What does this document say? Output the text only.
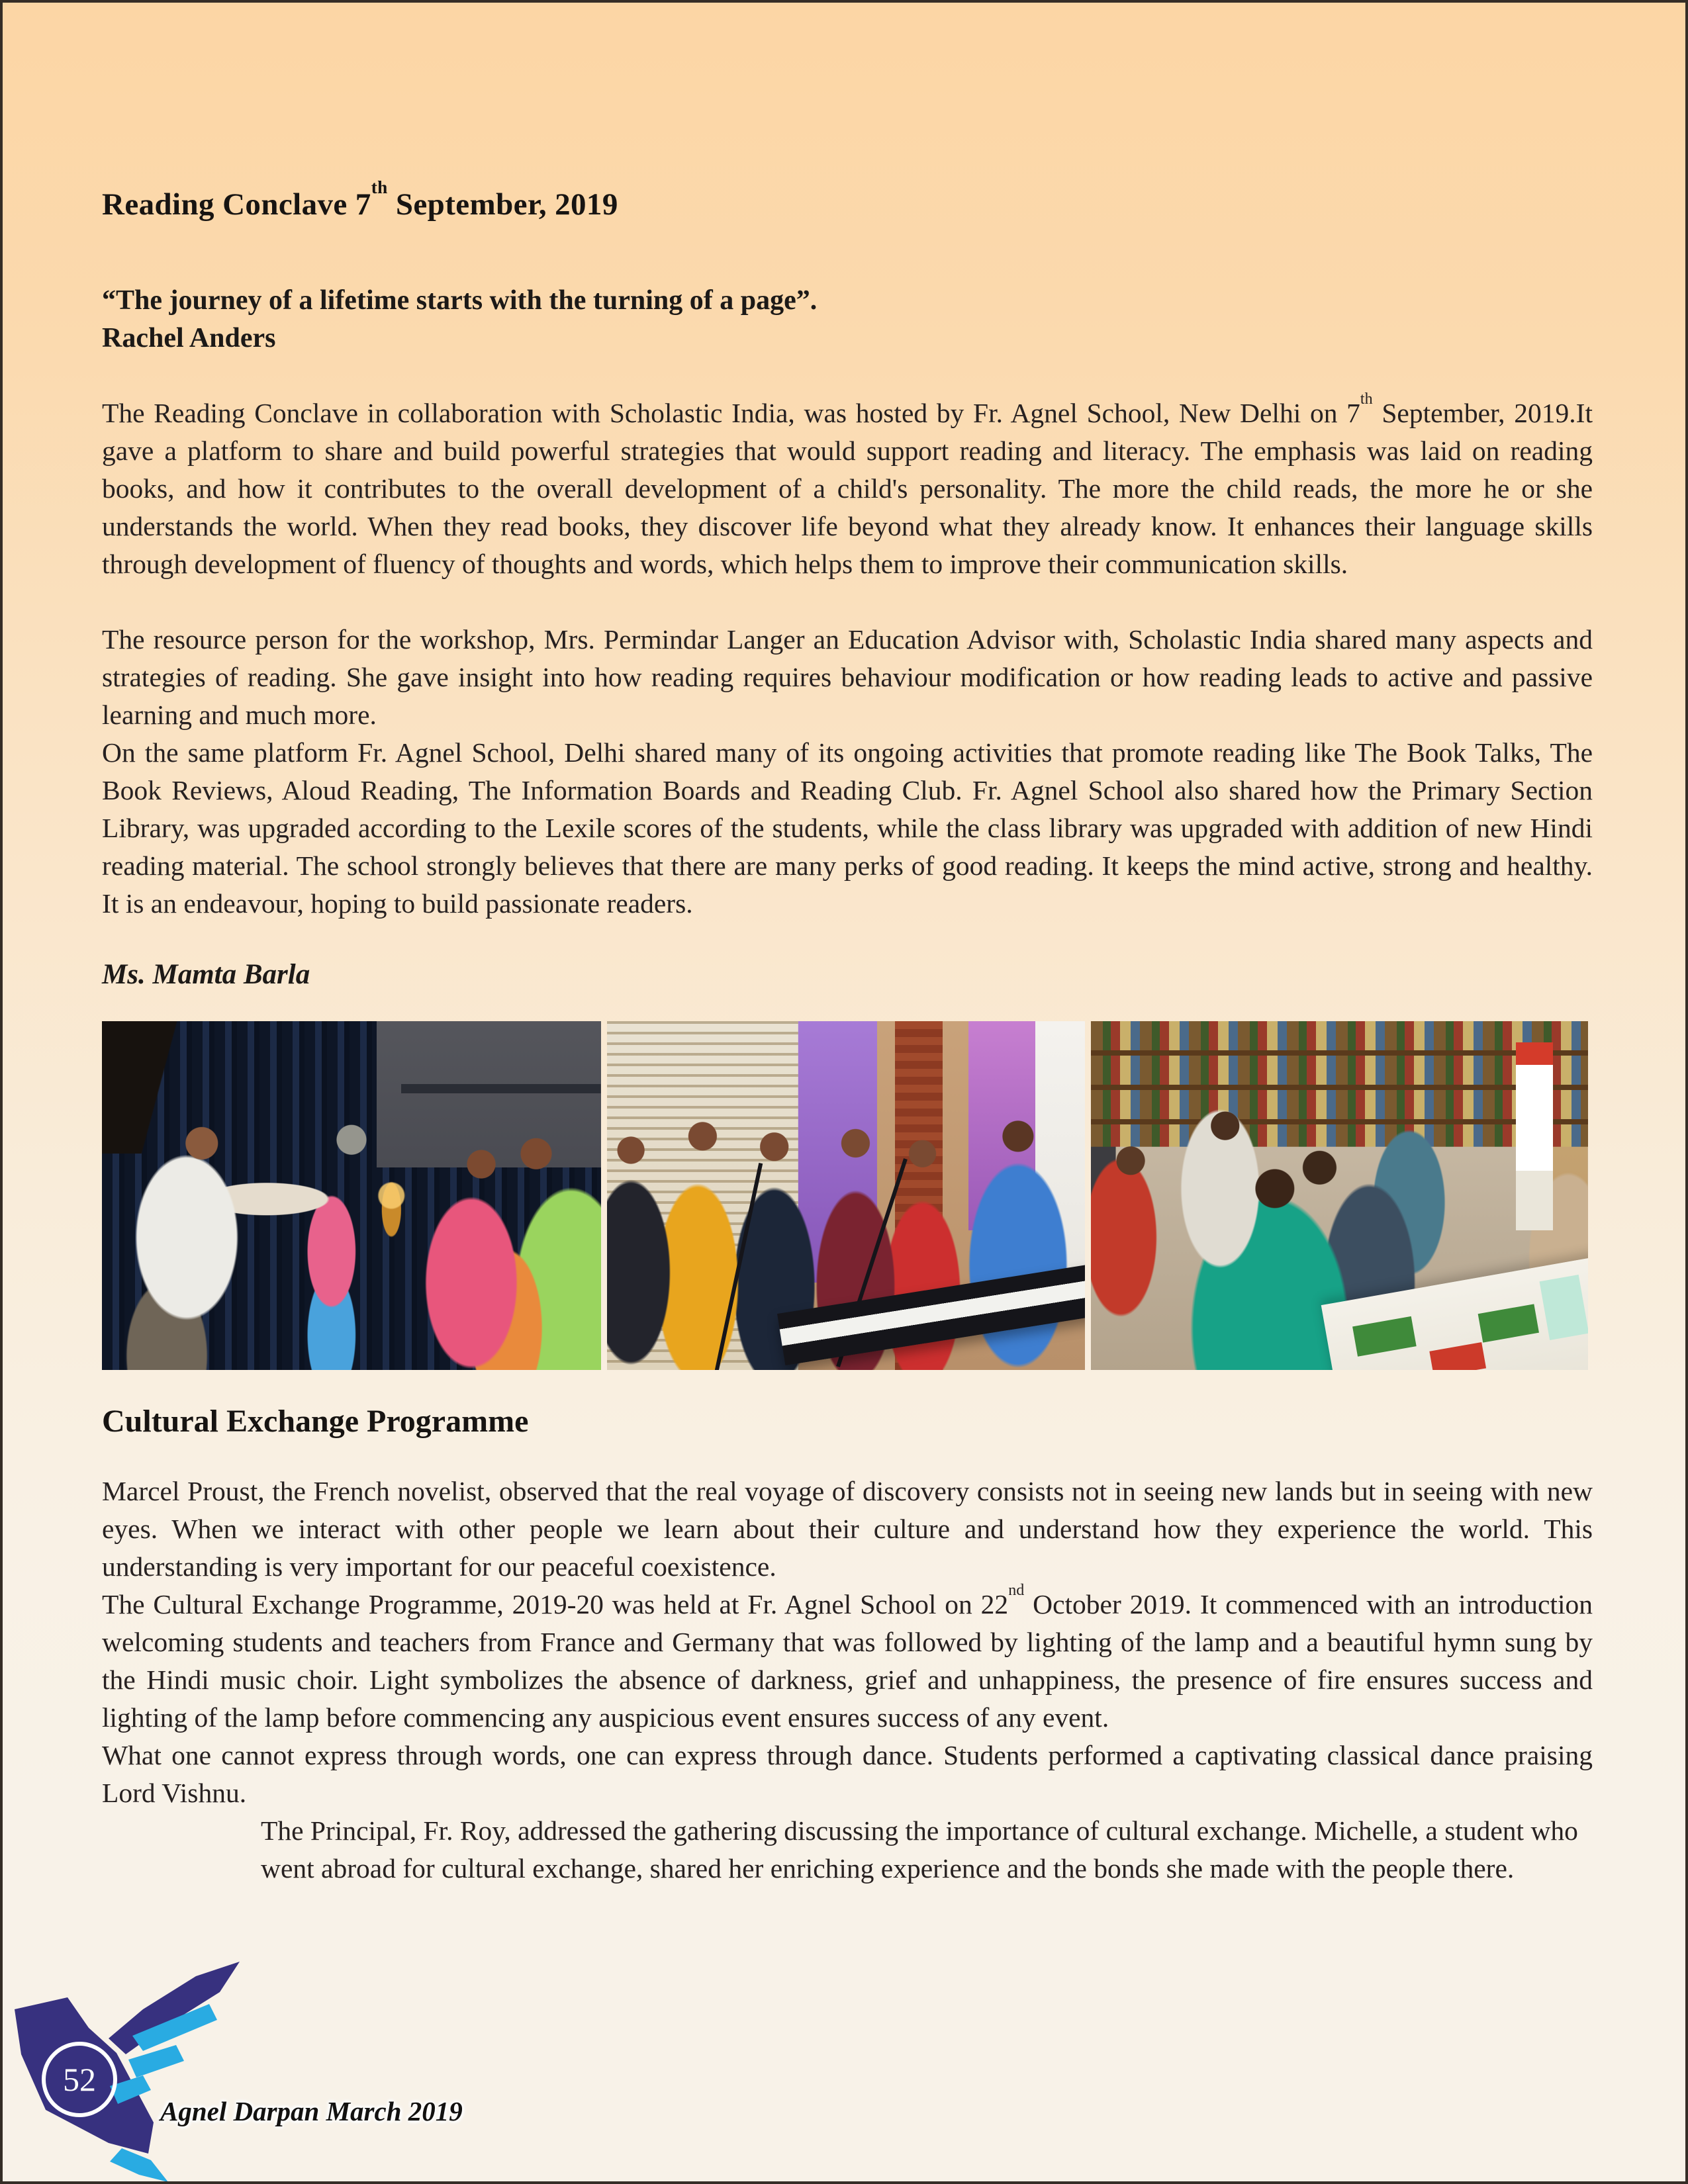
Reading Conclave 7th September, 2019
“The journey of a lifetime starts with the turning of a page”.
Rachel Anders

The Reading Conclave in collaboration with Scholastic India, was hosted by Fr. Agnel School, New Delhi on 7th September, 2019.It gave a platform to share and build powerful strategies that would support reading and literacy. The emphasis was laid on reading books, and how it contributes to the overall development of a child's personality. The more the child reads, the more he or she understands the world. When they read books, they discover life beyond what they already know. It enhances their language skills through development of fluency of thoughts and words, which helps them to improve their communication skills.

The resource person for the workshop, Mrs. Permindar Langer an Education Advisor with, Scholastic India shared many aspects and strategies of reading. She gave insight into how reading requires behaviour modification or how reading leads to active and passive learning and much more.
On the same platform Fr. Agnel School, Delhi shared many of its ongoing activities that promote reading like The Book Talks, The Book Reviews, Aloud Reading, The Information Boards and Reading Club. Fr. Agnel School also shared how the Primary Section Library, was upgraded according to the Lexile scores of the students, while the class library was upgraded with addition of new Hindi reading material. The school strongly believes that there are many perks of good reading. It keeps the mind active, strong and healthy. It is an endeavour, hoping to build passionate readers.

Ms. Mamta Barla
Cultural Exchange Programme

Marcel Proust, the French novelist, observed that the real voyage of discovery consists not in seeing new lands but in seeing with new eyes. When we interact with other people we learn about their culture and understand how they experience the world. This understanding is very important for our peaceful coexistence.
The Cultural Exchange Programme, 2019-20 was held at Fr. Agnel School on 22nd October 2019. It commenced with an introduction welcoming students and teachers from France and Germany that was followed by lighting of the lamp and a beautiful hymn sung by the Hindi music choir. Light symbolizes the absence of darkness, grief and unhappiness, the presence of fire ensures success and lighting of the lamp before commencing any auspicious event ensures success of any event.
What one cannot express through words, one can express through dance. Students performed a captivating classical dance praising Lord Vishnu.

The Principal, Fr. Roy, addressed the gathering discussing the importance of cultural exchange. Michelle, a student who went abroad for cultural exchange, shared her enriching experience and the bonds she made with the people there.

52
Agnel Darpan March 2019
